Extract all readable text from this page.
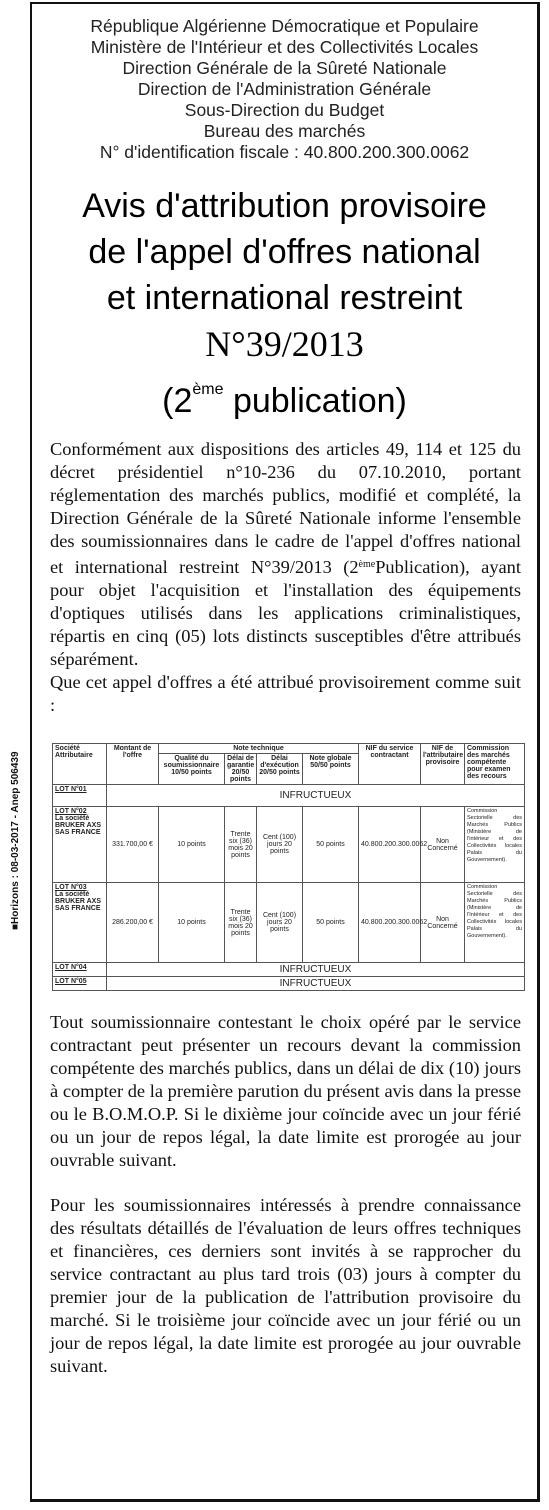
■Horizons : 08-03-2017 - Anep 506439
République Algérienne Démocratique et Populaire
Ministère de l'Intérieur et des Collectivités Locales
Direction Générale de la Sûreté Nationale
Direction de l'Administration Générale
Sous-Direction du Budget
Bureau des marchés
N° d'identification fiscale : 40.800.200.300.0062
Avis d'attribution provisoire
de l'appel d'offres national
et international restreint
N°39/2013
(2ème publication)

Conformément aux dispositions des articles 49, 114 et 125 du décret présidentiel n°10-236 du 07.10.2010, portant réglementation des marchés publics, modifié et complété, la Direction Générale de la Sûreté Nationale informe l'ensemble des soumissionnaires dans le cadre de l'appel d'offres national et international restreint N°39/2013 (2èmePublication), ayant pour objet l'acquisition et l'installation des équipements d'optiques utilisés dans les applications criminalistiques, répartis en cinq (05) lots distincts susceptibles d'être attribués séparément.

Que cet appel d'offres a été attribué provisoirement comme suit :

Société Attributaire	Montant de l'offre	Note technique				NIF du service contractant	NIF de l'attributaire provisoire	Commission des marchés compétente pour examen des recours
		Qualité du soumissionnaire 10/50 points	Délai de garantie 20/50 points	Délai d'exécution 20/50 points	Note globale 50/50 points			
LOT N°01	INFRUCTUEUX							

LOT N°02
La société BRUKER AXS SAS FRANCE	331.700,00 €	10 points	Trente six (36) mois 20 points	Cent (100) jours 20 points	50 points	40.800.200.300.0062	Non Concerné	Commission Sectorielle des Marchés Publics (Ministère de l'intérieur et des Collectivités locales Palais du Gouvernement).

LOT N°03
La société BRUKER AXS SAS FRANCE	286.200,00 €	10 points	Trente six (36) mois 20 points	Cent (100) jours 20 points	50 points	40.800.200.300.0062	Non Concerné	Commission Sectorielle des Marchés Publics (Ministère de l'Intérieur et des Collectivités locales Palais du Gouvernement).
LOT N°04	INFRUCTUEUX							
LOT N°05	INFRUCTUEUX							

Tout soumissionnaire contestant le choix opéré par le service contractant peut présenter un recours devant la commission compétente des marchés publics, dans un délai de dix (10) jours à compter de la première parution du présent avis dans la presse ou le B.O.M.O.P. Si le dixième jour coïncide avec un jour férié ou un jour de repos légal, la date limite est prorogée au jour ouvrable suivant.

Pour les soumissionnaires intéressés à prendre connaissance des résultats détaillés de l'évaluation de leurs offres techniques et financières, ces derniers sont invités à se rapprocher du service contractant au plus tard trois (03) jours à compter du premier jour de la publication de l'attribution provisoire du marché. Si le troisième jour coïncide avec un jour férié ou un jour de repos légal, la date limite est prorogée au jour ouvrable suivant.
